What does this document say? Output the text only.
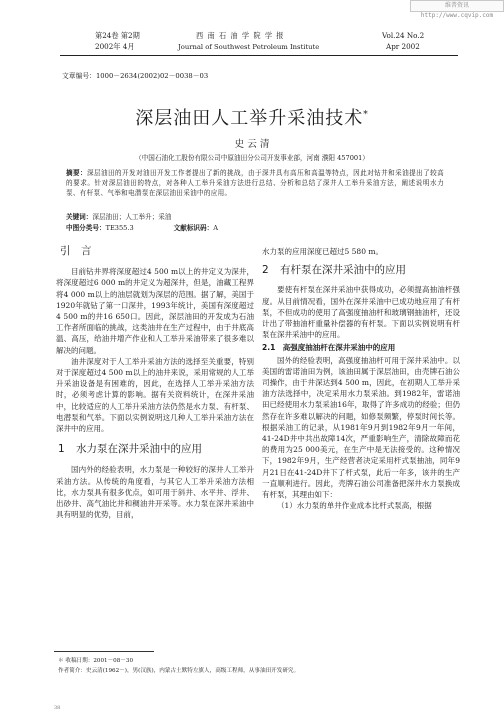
维普资讯 http://www.cqvip.com
第24卷 第2期
2002年 4月
西 南 石 油 学 院 学 报
Journal of Southwest Petroleum Institute
Vol.24 No.2
Apr 2002
文章编号：1000－2634(2002)02－0038－03
深层油田人工举升采油技术*
史 云 清
（中国石油化工股份有限公司中原油田分公司开发事业部，河南 濮阳 457001）
摘要：深层油田的开发对油田开发工作者提出了新的挑战，由于深井具有高压和高温等特点，因此对钻井和采油提出了较高的要求。针对深层油田的特点，对各种人工举升采油方法进行总结、分析和总结了深井人工举升采油方法，阐述说明水力泵、有杆泵、气举和电潜泵在深层油田采油中的应用。
关键词：深层油田；人工举升；采油
中图分类号：TE355.3	文献标识码：A
引　言

目前钻井界将深度超过4 500 m以上的井定义为深井，将深度超过6 000 m的井定义为超深井，但是，油藏工程界将4 000 m以上的油层就划为深层的范围。据了解，美国于1920年就钻了第一口深井，1993年统计，美国有深度超过4 500 m的井16 650口。因此，深层油田的开发成为石油工作者所面临的挑战，这类油井在生产过程中，由于井底高温、高压，给油井增产作业和人工举升采油带来了很多难以解决的问题。

油井深度对于人工举升采油方法的选择至关重要，特别对于深度超过4 500 m以上的油井来说，采用常规的人工举升采油设备是有困难的，因此，在选择人工举升采油方法时，必须考虑计算的影响。据有关资料统计，在深井采油中，比较适应的人工举升采油方法仍然是水力泵、有杆泵、电潜泵和气举。下面以实例说明这几种人工举升采油方法在深井中的应用。

1 水力泵在深井采油中的应用

国内外的经验表明，水力泵是一种较好的深井人工举升采油方法。从传统的角度看，与其它人工举升采油方法相比，水力泵具有很多优点，如可用于斜井、水平井、浮井、出砂井、高气油比井和稠油井开采等。水力泵在深井采油中具有明显的优势，目前，

水力泵的应用深度已超过5 580 m。

2 有杆泵在深井采油中的应用

要使有杆泵在深井采油中获得成功，必须提高抽油杆强度。从目前情况看，国外在深井采油中已成功地应用了有杆泵，不但成功的使用了高强度抽油杆和玻璃钢抽油杆，还设计出了带抽油杆重量补偿器的有杆泵。下面以实例说明有杆泵在深井采油中的应用。

2.1　高强度抽油杆在深井采油中的应用

国外的经验表明，高强度抽油杆可用于深井采油中。以美国的雷诺油田为例，该油田属于深层油田，由壳牌石油公司操作，由于井深达到4 500 m，因此，在初期人工举升采油方法选择中，决定采用水力泵采油。到1982年，雷诺油田已经使用水力泵采油16年，取得了许多成功的经验；但仍然存在许多难以解决的问题，如修泵频繁，停泵时间长等。根据采油工的记录，从1981年9月到1982年9月一年间，41-24D井中共出故障14次，严重影响生产，清除故障而花的费用为25 000美元，在生产中是无法接受的。这种情况下，1982年9月，生产经营者决定采用杆式泵抽油，同年9月21日在41-24D井下了杆式泵，此后一年多，该井的生产一直顺利进行。因此，壳牌石油公司准备把深井水力泵换成有杆泵，其理由如下：

（1）水力泵的单井作业成本比杆式泵高，根据

＊ 收稿日期：2001－08－30
作者简介：史云清(1962－)，男(汉族)，内蒙古土默特左旗人，高级工程师，从事油田开发研究。
38
